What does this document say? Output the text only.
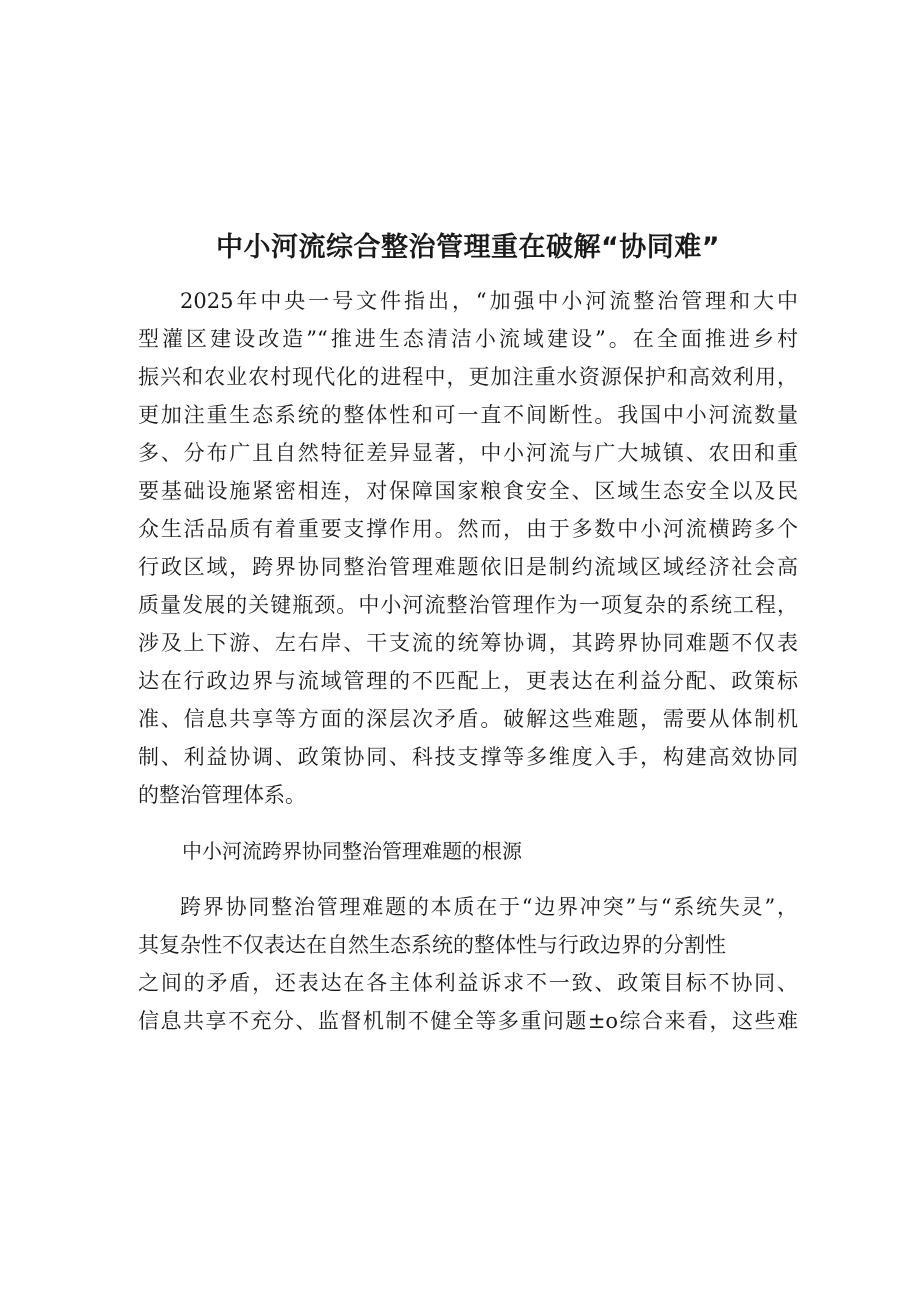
中小河流综合整治管理重在破解“协同难”
2025年中央一号文件指出，“加强中小河流整治管理和大中
型灌区建设改造”“推进生态清洁小流域建设”。在全面推进乡村
振兴和农业农村现代化的进程中，更加注重水资源保护和高效利用，
更加注重生态系统的整体性和可一直不间断性。我国中小河流数量
多、分布广且自然特征差异显著，中小河流与广大城镇、农田和重
要基础设施紧密相连，对保障国家粮食安全、区域生态安全以及民
众生活品质有着重要支撑作用。然而，由于多数中小河流横跨多个
行政区域，跨界协同整治管理难题依旧是制约流域区域经济社会高
质量发展的关键瓶颈。中小河流整治管理作为一项复杂的系统工程，
涉及上下游、左右岸、干支流的统筹协调，其跨界协同难题不仅表
达在行政边界与流域管理的不匹配上，更表达在利益分配、政策标
准、信息共享等方面的深层次矛盾。破解这些难题，需要从体制机
制、利益协调、政策协同、科技支撑等多维度入手，构建高效协同
的整治管理体系。
中小河流跨界协同整治管理难题的根源
跨界协同整治管理难题的本质在于“边界冲突”与“系统失灵”，
其复杂性不仅表达在自然生态系统的整体性与行政边界的分割性
之间的矛盾，还表达在各主体利益诉求不一致、政策目标不协同、
信息共享不充分、监督机制不健全等多重问题±o综合来看，这些难
